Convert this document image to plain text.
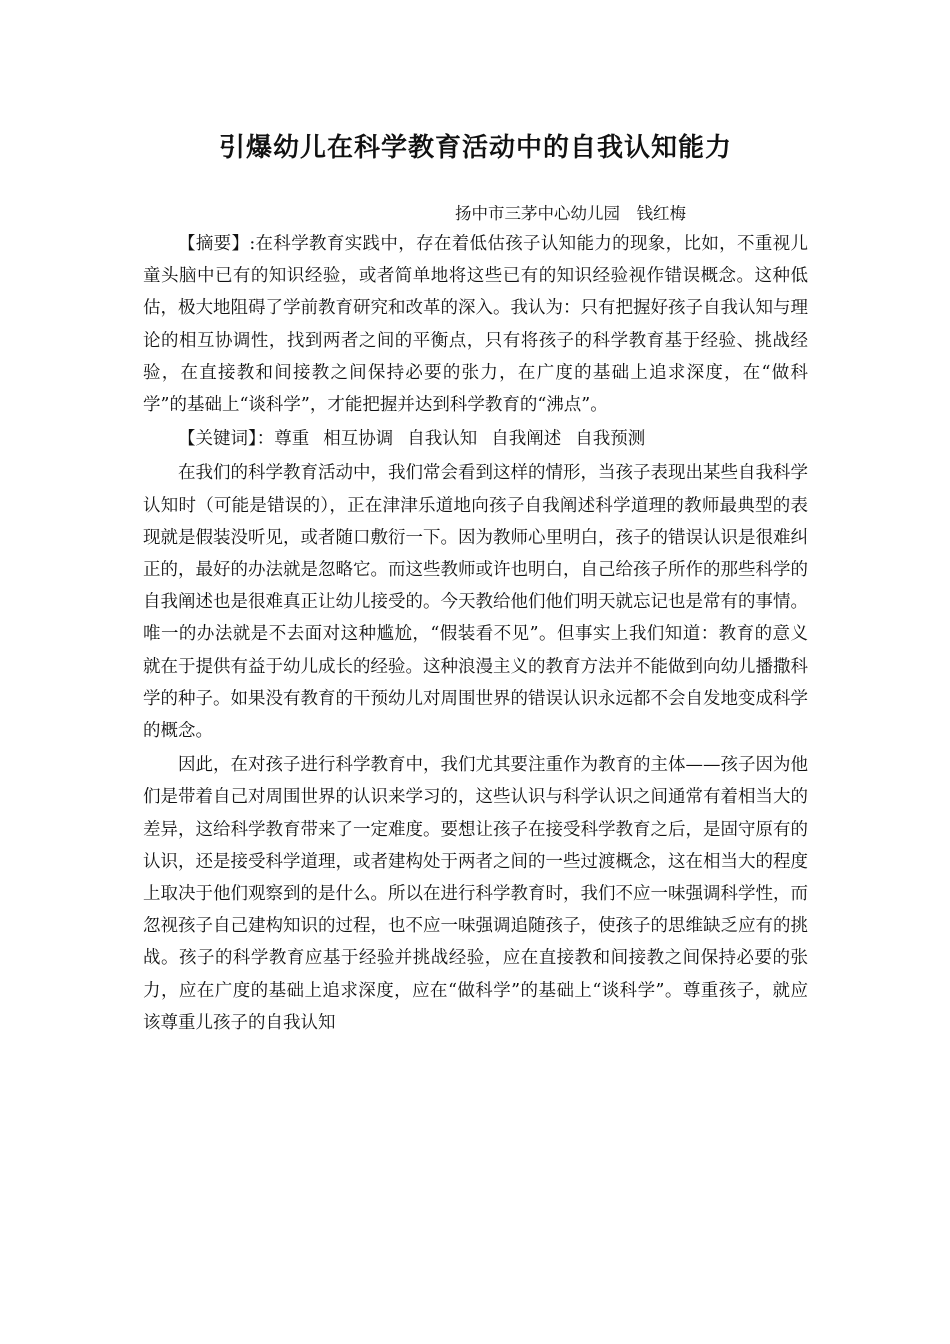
引爆幼儿在科学教育活动中的自我认知能力

扬中市三茅中心幼儿园　钱红梅

【摘要】:在科学教育实践中，存在着低估孩子认知能力的现象，比如，不重视儿童头脑中已有的知识经验，或者简单地将这些已有的知识经验视作错误概念。这种低估，极大地阻碍了学前教育研究和改革的深入。我认为：只有把握好孩子自我认知与理论的相互协调性，找到两者之间的平衡点，只有将孩子的科学教育基于经验、挑战经验，在直接教和间接教之间保持必要的张力，在广度的基础上追求深度，在“做科学”的基础上“谈科学”，才能把握并达到科学教育的“沸点”。

【关键词】：尊重 相互协调 自我认知 自我阐述 自我预测

在我们的科学教育活动中，我们常会看到这样的情形，当孩子表现出某些自我科学认知时（可能是错误的），正在津津乐道地向孩子自我阐述科学道理的教师最典型的表现就是假装没听见，或者随口敷衍一下。因为教师心里明白，孩子的错误认识是很难纠正的，最好的办法就是忽略它。而这些教师或许也明白，自己给孩子所作的那些科学的自我阐述也是很难真正让幼儿接受的。今天教给他们他们明天就忘记也是常有的事情。唯一的办法就是不去面对这种尴尬，“假装看不见”。但事实上我们知道：教育的意义就在于提供有益于幼儿成长的经验。这种浪漫主义的教育方法并不能做到向幼儿播撒科学的种子。如果没有教育的干预幼儿对周围世界的错误认识永远都不会自发地变成科学的概念。

因此，在对孩子进行科学教育中，我们尤其要注重作为教育的主体——孩子因为他们是带着自己对周围世界的认识来学习的，这些认识与科学认识之间通常有着相当大的差异，这给科学教育带来了一定难度。要想让孩子在接受科学教育之后，是固守原有的认识，还是接受科学道理，或者建构处于两者之间的一些过渡概念，这在相当大的程度上取决于他们观察到的是什么。所以在进行科学教育时，我们不应一味强调科学性，而忽视孩子自己建构知识的过程，也不应一味强调追随孩子，使孩子的思维缺乏应有的挑战。孩子的科学教育应基于经验并挑战经验，应在直接教和间接教之间保持必要的张力，应在广度的基础上追求深度，应在“做科学”的基础上“谈科学”。尊重孩子，就应该尊重儿孩子的自我认知
